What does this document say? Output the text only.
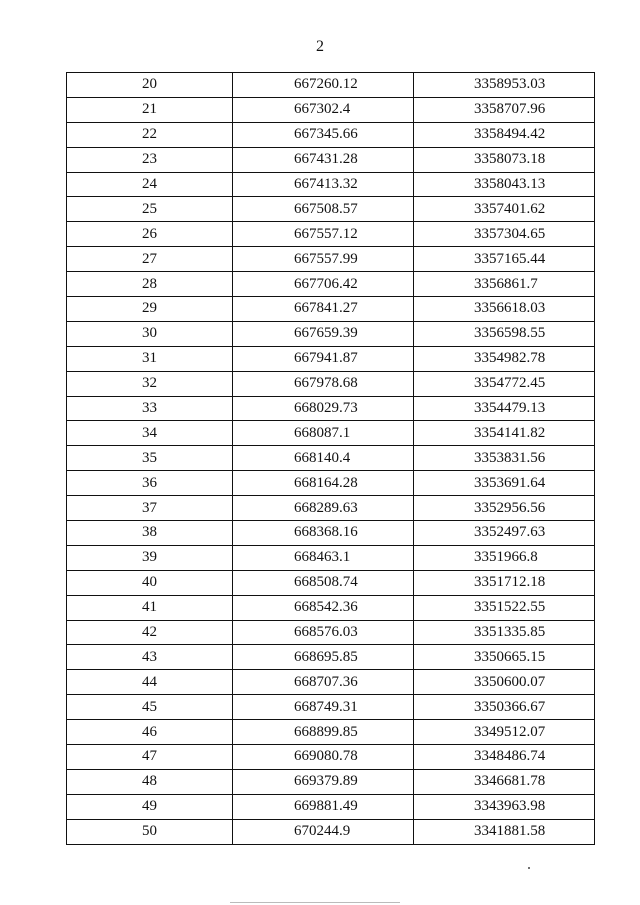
2
20	667260.12	3358953.03
21	667302.4	3358707.96
22	667345.66	3358494.42
23	667431.28	3358073.18
24	667413.32	3358043.13
25	667508.57	3357401.62
26	667557.12	3357304.65
27	667557.99	3357165.44
28	667706.42	3356861.7
29	667841.27	3356618.03
30	667659.39	3356598.55
31	667941.87	3354982.78
32	667978.68	3354772.45
33	668029.73	3354479.13
34	668087.1	3354141.82
35	668140.4	3353831.56
36	668164.28	3353691.64
37	668289.63	3352956.56
38	668368.16	3352497.63
39	668463.1	3351966.8
40	668508.74	3351712.18
41	668542.36	3351522.55
42	668576.03	3351335.85
43	668695.85	3350665.15
44	668707.36	3350600.07
45	668749.31	3350366.67
46	668899.85	3349512.07
47	669080.78	3348486.74
48	669379.89	3346681.78
49	669881.49	3343963.98
50	670244.9	3341881.58
